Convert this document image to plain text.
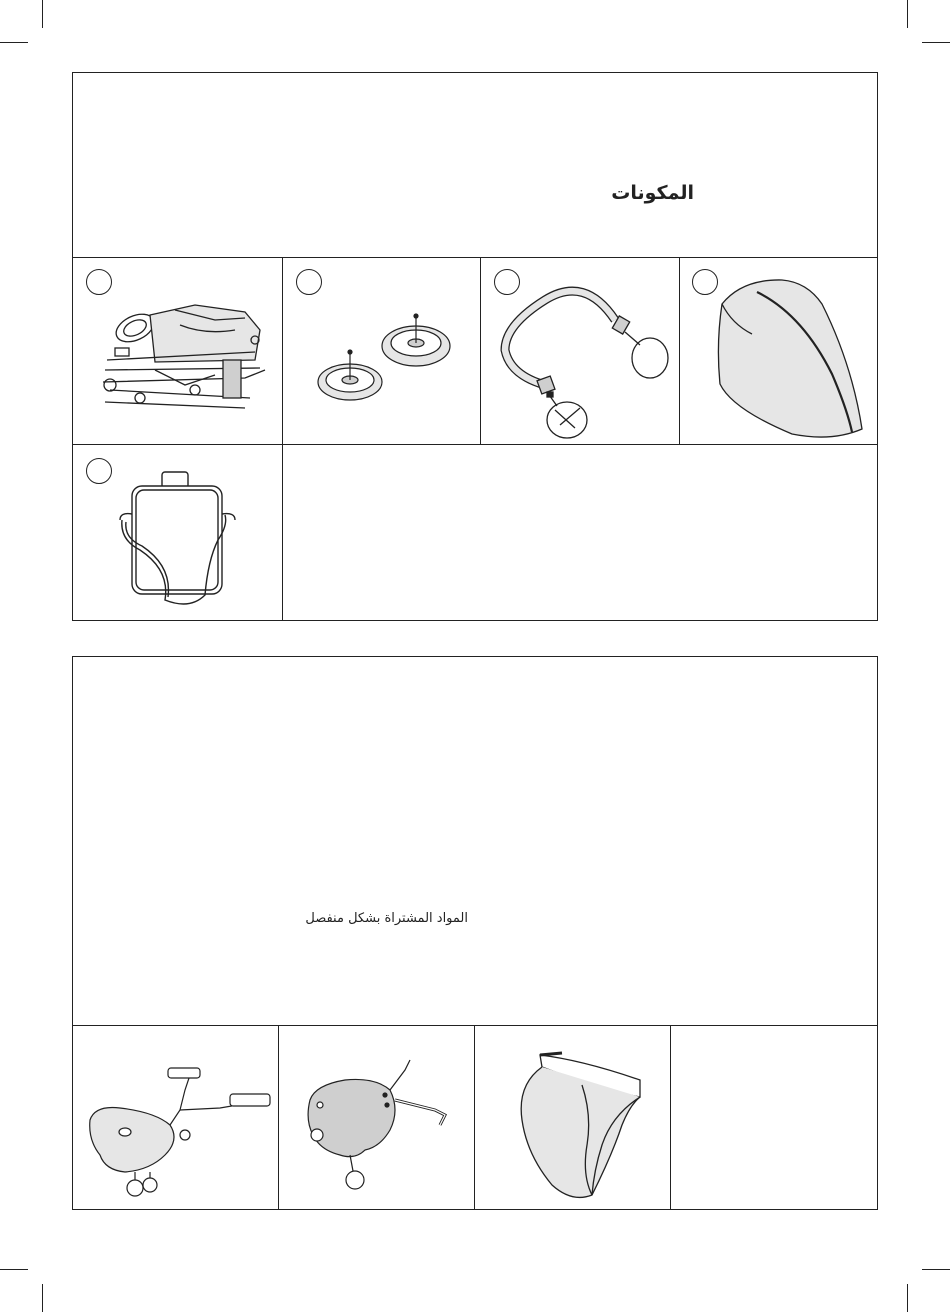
المكونات
المواد المشتراة بشكل منفصل
